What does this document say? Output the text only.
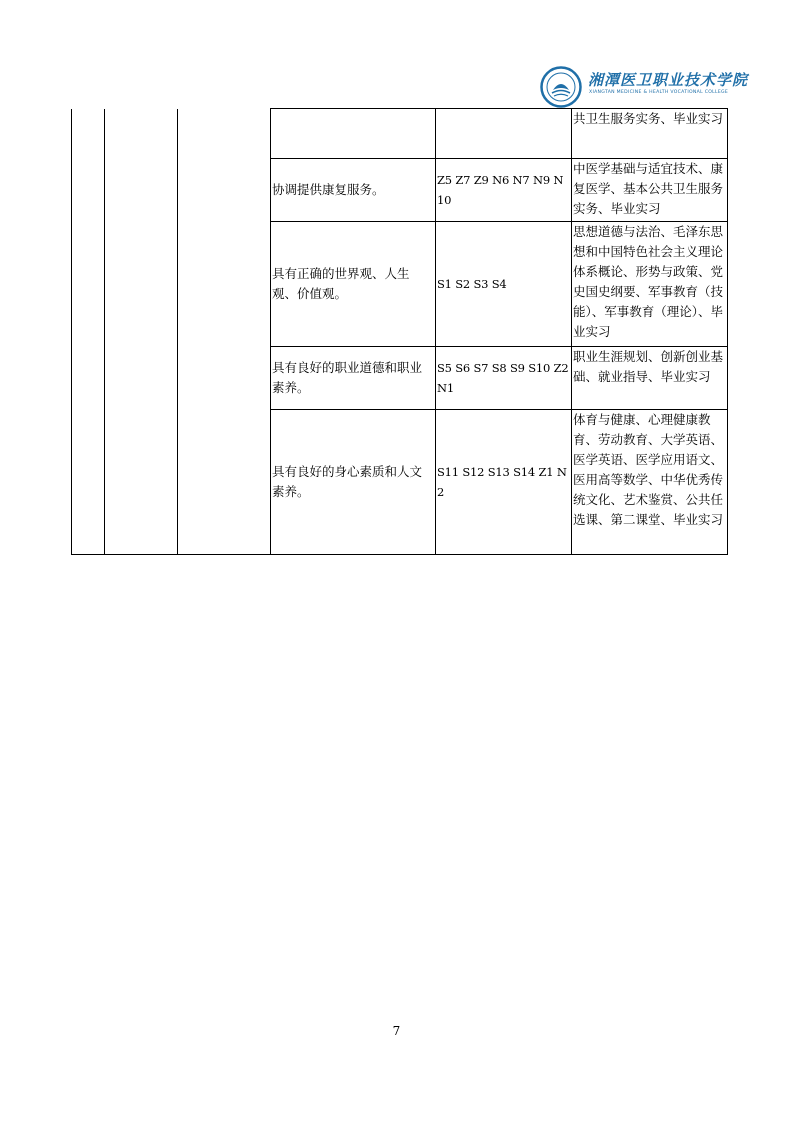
湘潭医卫职业技术学院
XIANGTAN MEDICINE & HEALTH VOCATIONAL COLLEGE
					共卫生服务实务、毕业实习
			协调提供康复服务。	Z5 Z7 Z9 N6 N7 N9 N10	中医学基础与适宜技术、康复医学、基本公共卫生服务实务、毕业实习
			具有正确的世界观、人生观、价值观。	S1 S2 S3 S4	思想道德与法治、毛泽东思想和中国特色社会主义理论体系概论、形势与政策、党史国史纲要、军事教育（技能）、军事教育（理论）、毕业实习
			具有良好的职业道德和职业素养。	S5 S6 S7 S8 S9 S10 Z2 N1	职业生涯规划、创新创业基础、就业指导、毕业实习
			具有良好的身心素质和人文素养。	S11 S12 S13 S14 Z1 N2	体育与健康、心理健康教育、劳动教育、大学英语、医学英语、医学应用语文、医用高等数学、中华优秀传统文化、艺术鉴赏、公共任选课、第二课堂、毕业实习
7
